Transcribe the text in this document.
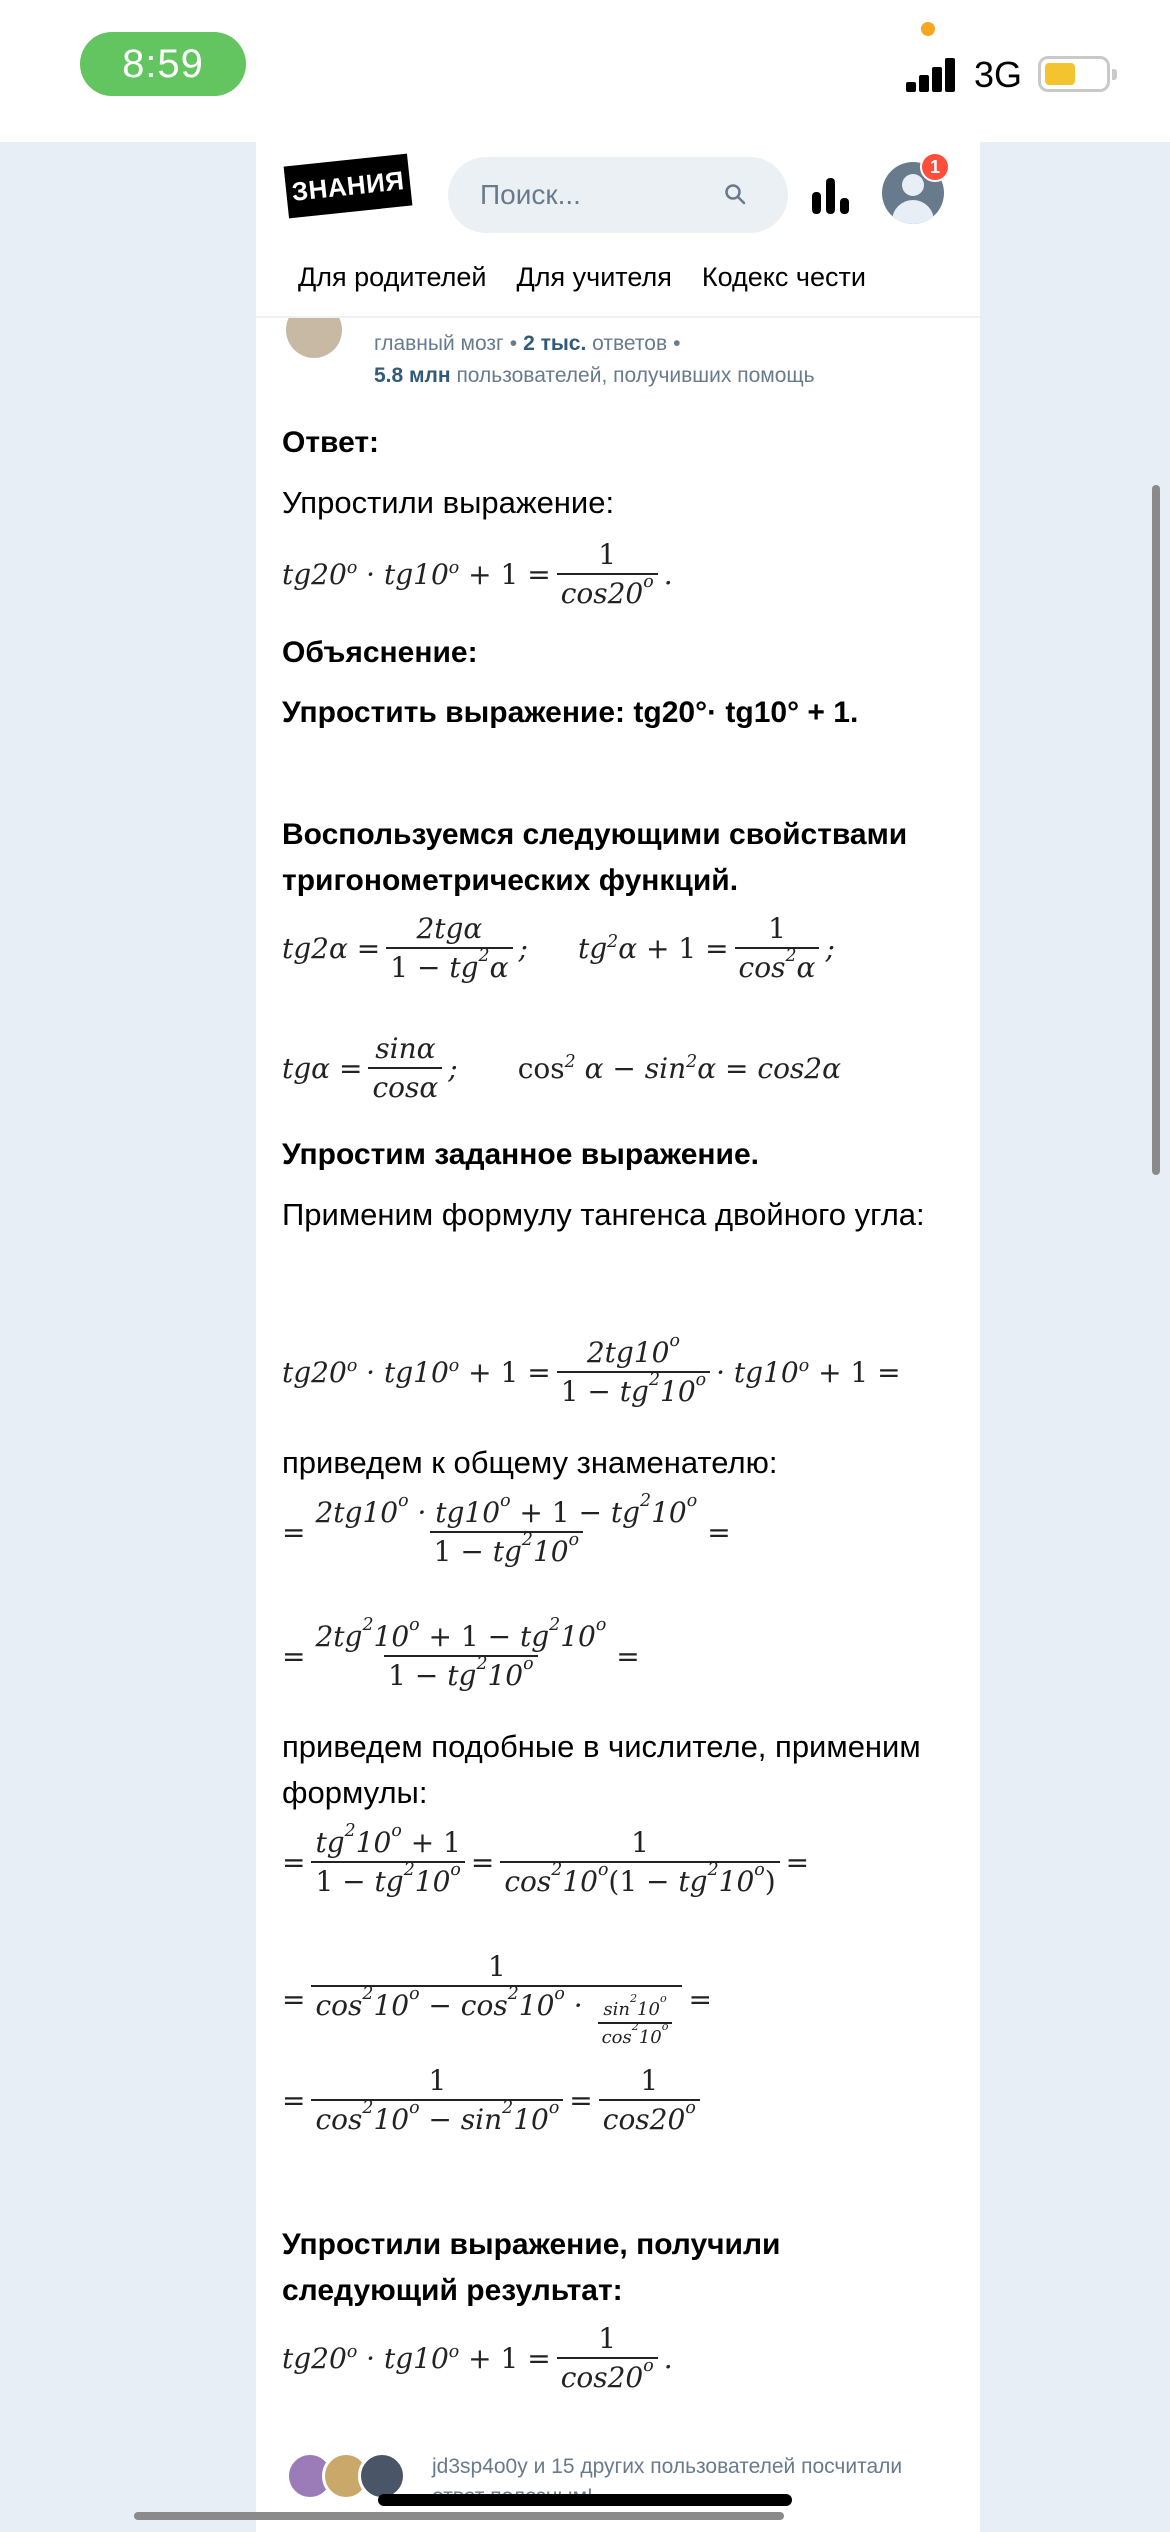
8:59	3G
главный мозг • 2 тыс. ответов •
5.8 млн пользователей, получивших помощь
ЗНАНИЯ	Поиск...
1
Для родителей Для учителя Кодекс чести
Ответ:
Упростили выражение:
tg20 o · tg10 o
+ $1 = \frac{1}{\cos 20^o}$ .
Объяснение:
Упростить выражение: tg20°· tg10° + 1.
Воспользуемся следующими свойствами тригонометрических функций.
$tg2\alpha = \frac{\text{2tgα}}{1 - tg^2\alpha}$ ;
tg 2 $\alpha + 1 = \frac{1}{\cos^2\alpha}$ ;
$tg\alpha = \frac{\sin\alpha}{\cos\alpha}$ ; cos 2 α − sin 2 α = cos2α
Упростим заданное выражение.
Применим формулу тангенса двойного угла:
tg20 o · tg10 o
+ $1 = \frac{2tg10^o}{1 - tg^210^o} \cdot tg10$ o
+ 1 =
приведем к общему знаменателю:
= $\frac{2tg10^o \cdot tg10^o + 1 - tg^210^o}{1 - tg^210^o}$ =
= $\frac{2tg^210^o + 1 - tg^210^o}{1 - tg^210^o}$ =
приведем подобные в числителе, применим формулы:
= $\frac{tg^210^o + 1}{1 - tg^210^o} = \frac{1}{\cos^210^o(1 - tg^210^o)}$ =
= $\frac{1}{\cos^210^o - \cos^210^o \cdot \frac{\sin^210^o}{\cos^210^o}}$ =
= $\frac{1}{\cos^210^o - \sin^210^o} = \frac{1}{\cos 20^o}$
Упростили выражение, получили следующий результат:
tg20 o · tg10 o
+ $1 = \frac{1}{\cos 20^o}$ .
jd3sp4o0y и 15 других пользователей посчитали
